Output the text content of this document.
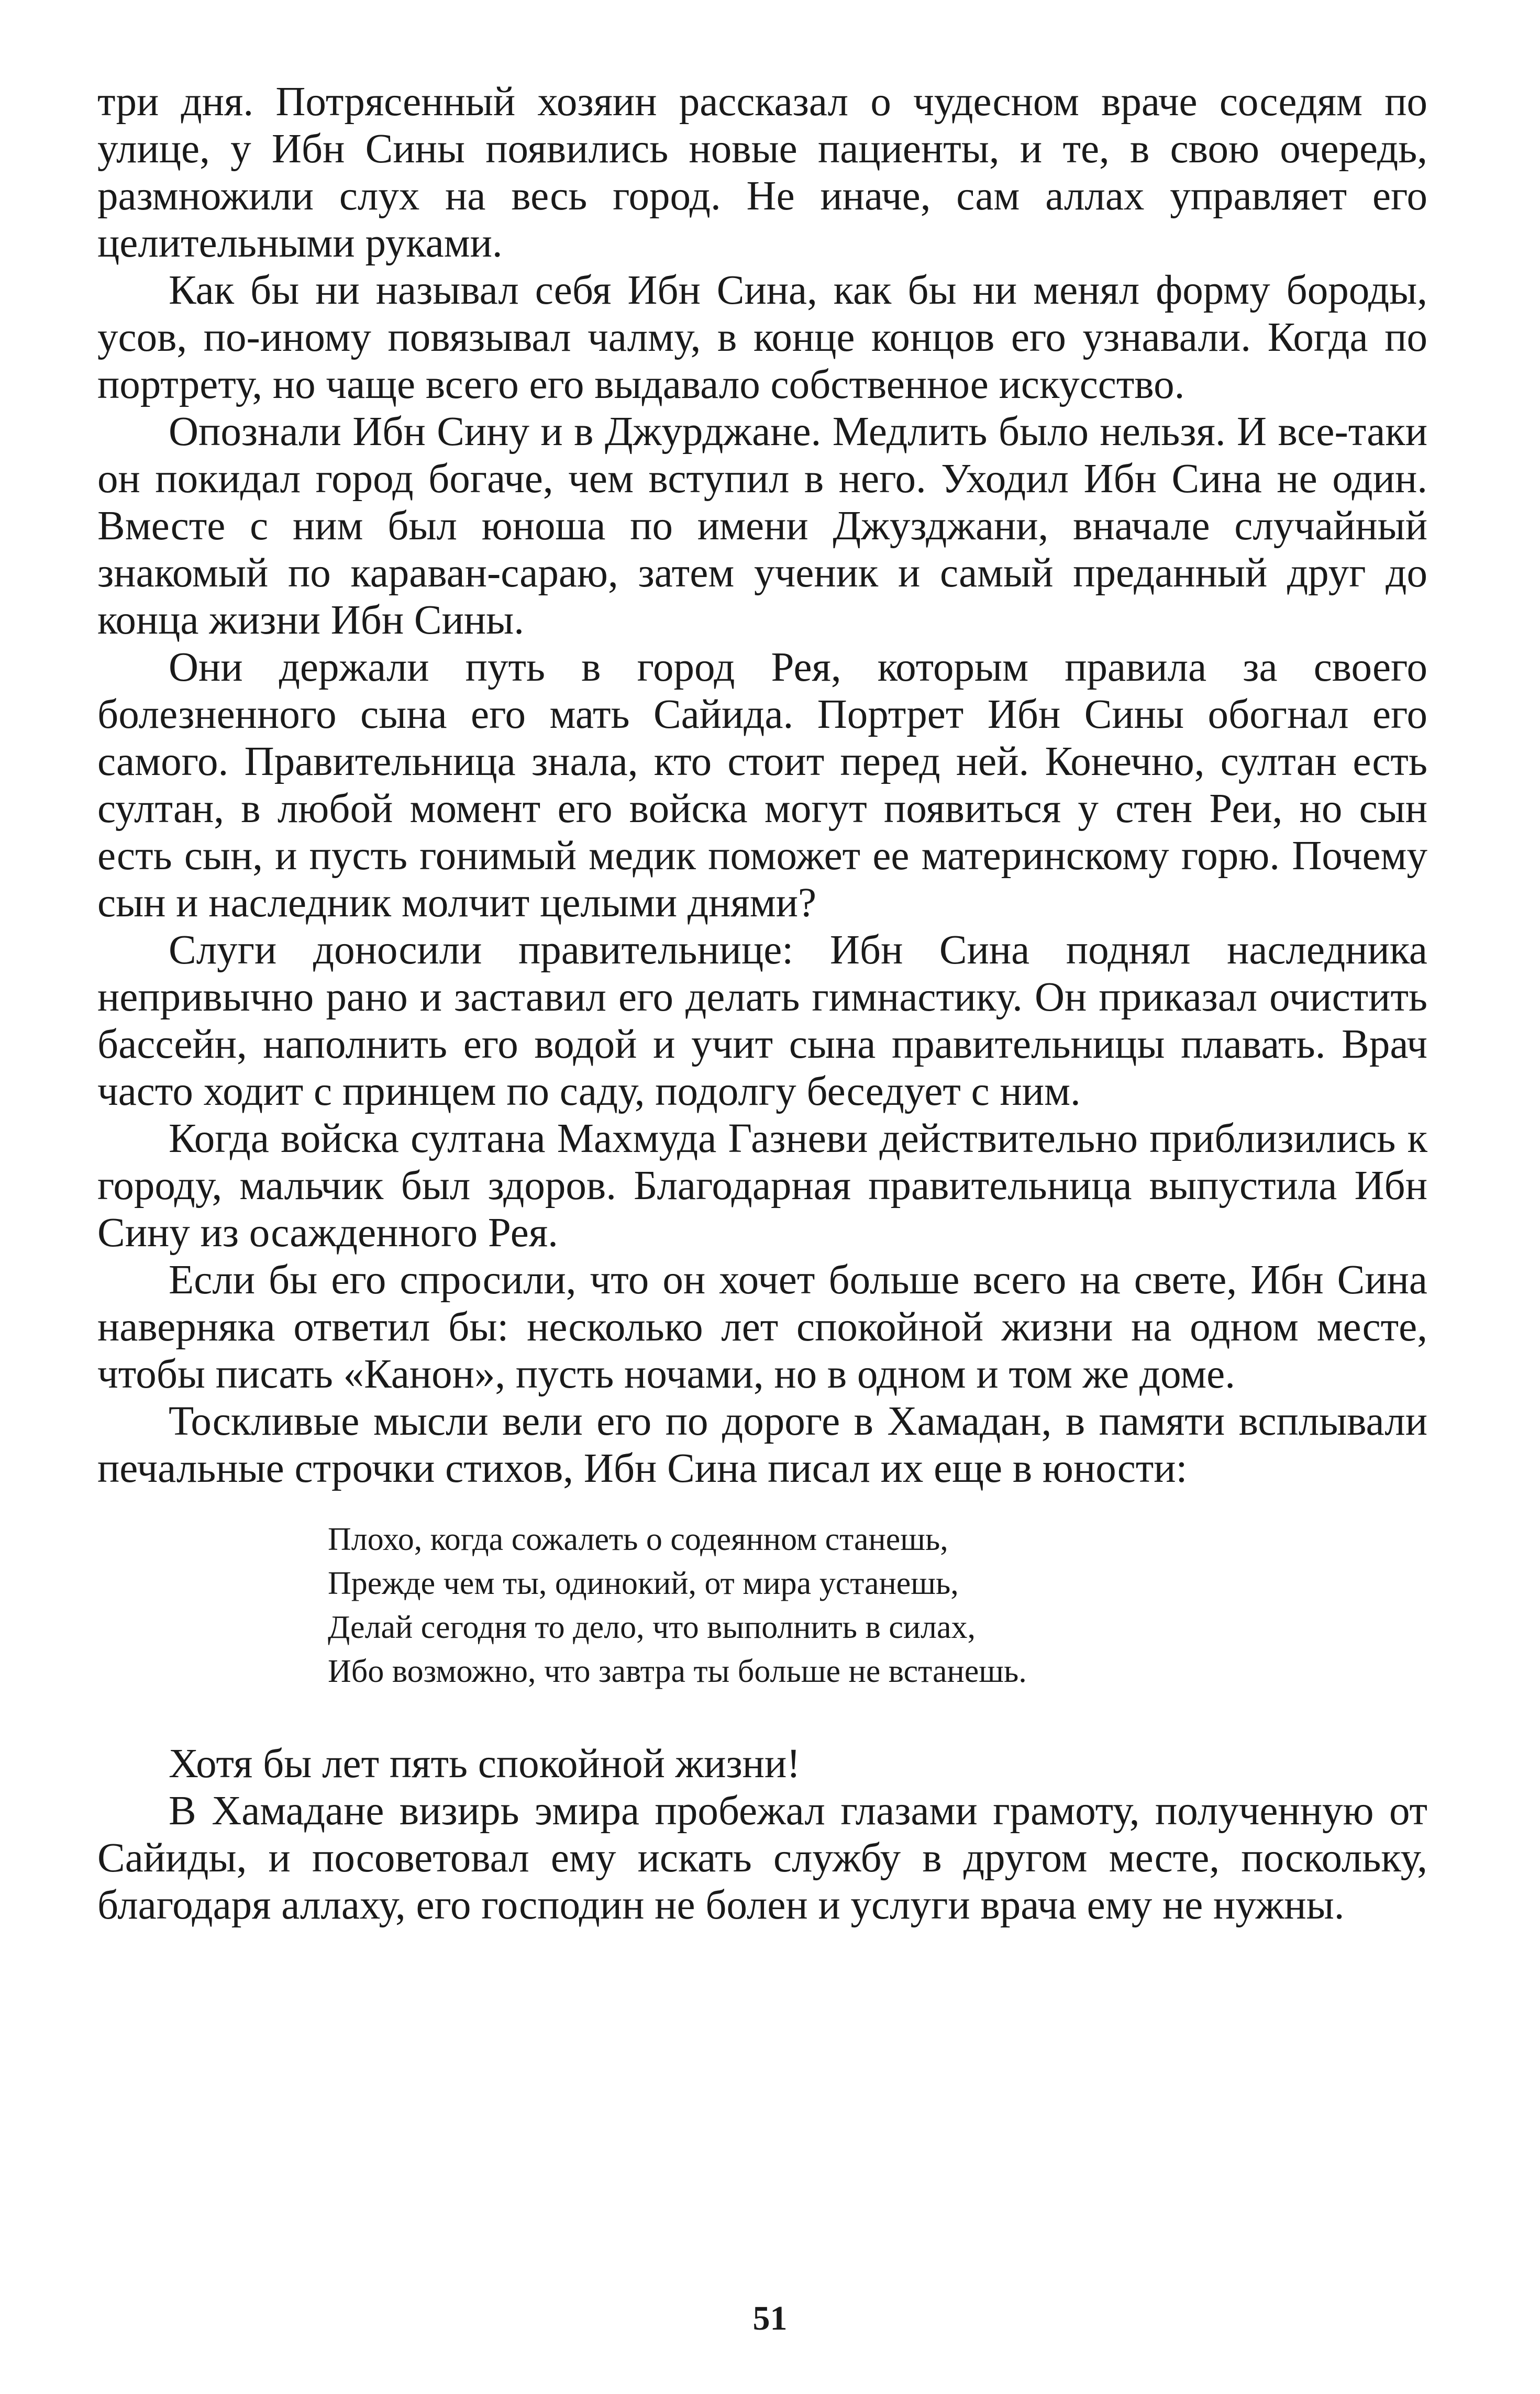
три дня. Потрясенный хозяин рассказал о чудесном враче соседям по улице, у Ибн Сины появились новые пациенты, и те, в свою очередь, размножили слух на весь город. Не иначе, сам аллах управляет его целительными руками.

Как бы ни называл себя Ибн Сина, как бы ни менял форму бороды, усов, по-иному повязывал чалму, в конце концов его узнавали. Когда по портрету, но чаще всего его выдавало собственное искусство.

Опознали Ибн Сину и в Джурджане. Медлить было нельзя. И все-таки он покидал город богаче, чем вступил в него. Уходил Ибн Сина не один. Вместе с ним был юноша по имени Джузджани, вначале случайный знакомый по караван-сараю, затем ученик и самый преданный друг до конца жизни Ибн Сины.

Они держали путь в город Рея, которым правила за своего болезненного сына его мать Сайида. Портрет Ибн Сины обогнал его самого. Правительница знала, кто стоит перед ней. Конечно, султан есть султан, в любой момент его войска могут появиться у стен Реи, но сын есть сын, и пусть гонимый медик поможет ее материнскому горю. Почему сын и наследник молчит целыми днями?

Слуги доносили правительнице: Ибн Сина поднял наследника непривычно рано и заставил его делать гимнастику. Он приказал очистить бассейн, наполнить его водой и учит сына правительницы плавать. Врач часто ходит с принцем по саду, подолгу беседует с ним.

Когда войска султана Махмуда Газневи действительно приблизились к городу, мальчик был здоров. Благодарная правительница выпустила Ибн Сину из осажденного Рея.

Если бы его спросили, что он хочет больше всего на свете, Ибн Сина наверняка ответил бы: несколько лет спокойной жизни на одном месте, чтобы писать «Канон», пусть ночами, но в одном и том же доме.

Тоскливые мысли вели его по дороге в Хамадан, в памяти всплывали печальные строчки стихов, Ибн Сина писал их еще в юности:

Плохо, когда сожалеть о содеянном станешь,
Прежде чем ты, одинокий, от мира устанешь,
Делай сегодня то дело, что выполнить в силах,
Ибо возможно, что завтра ты больше не встанешь.

Хотя бы лет пять спокойной жизни!

В Хамадане визирь эмира пробежал глазами грамоту, полученную от Сайиды, и посоветовал ему искать службу в другом месте, поскольку, благодаря аллаху, его господин не болен и услуги врача ему не нужны.

51
